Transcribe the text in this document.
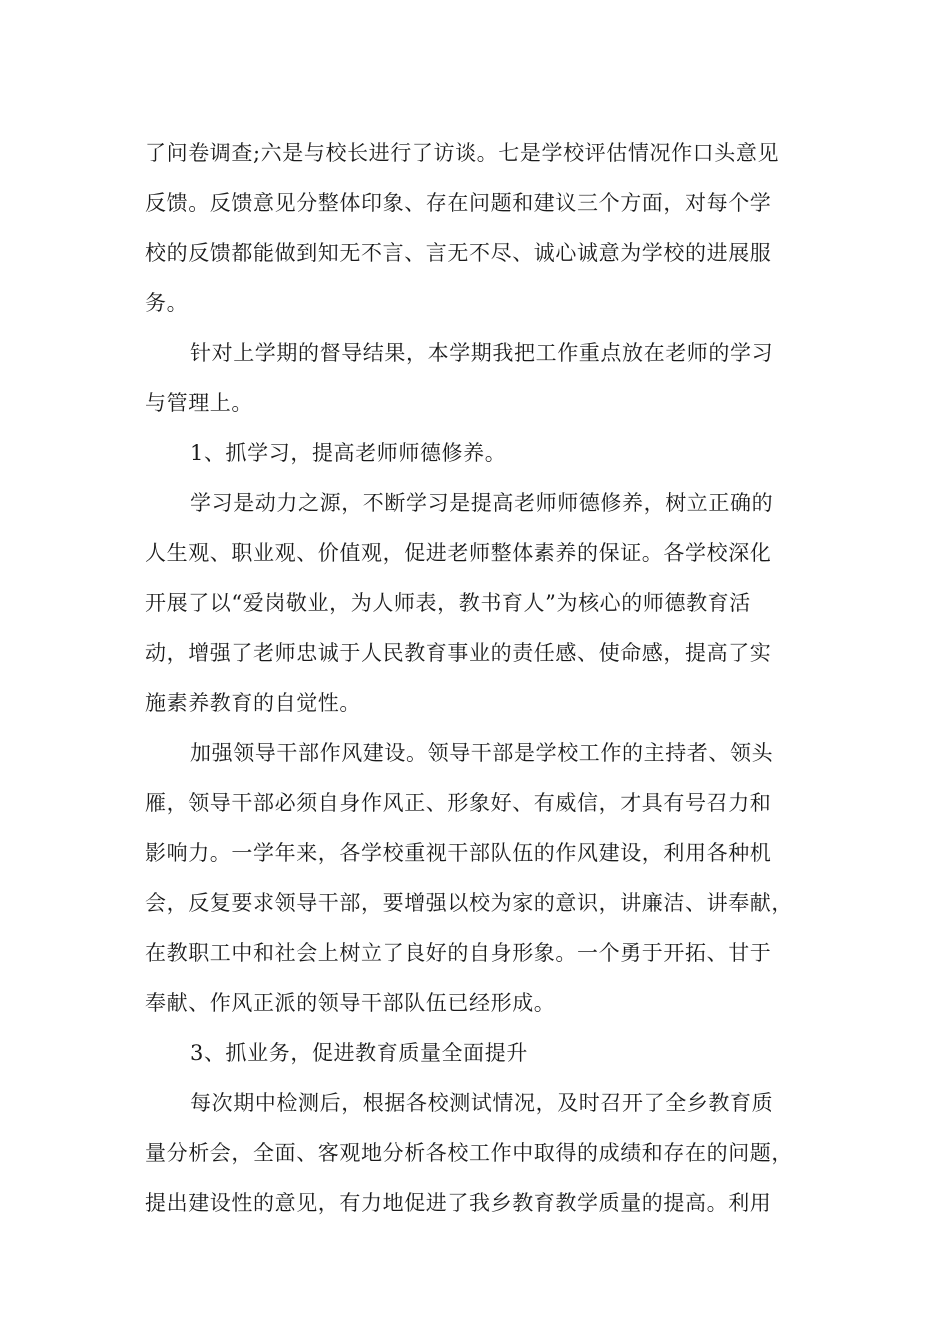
了问卷调查;六是与校长进行了访谈。七是学校评估情况作口头意见

反馈。反馈意见分整体印象、存在问题和建议三个方面，对每个学

校的反馈都能做到知无不言、言无不尽、诚心诚意为学校的进展服

务。

针对上学期的督导结果，本学期我把工作重点放在老师的学习

与管理上。

1、抓学习，提高老师师德修养。

学习是动力之源，不断学习是提高老师师德修养，树立正确的

人生观、职业观、价值观，促进老师整体素养的保证。各学校深化

开展了以“爱岗敬业，为人师表，教书育人”为核心的师德教育活

动，增强了老师忠诚于人民教育事业的责任感、使命感，提高了实

施素养教育的自觉性。

加强领导干部作风建设。领导干部是学校工作的主持者、领头

雁，领导干部必须自身作风正、形象好、有威信，才具有号召力和

影响力。一学年来，各学校重视干部队伍的作风建设，利用各种机

会，反复要求领导干部，要增强以校为家的意识，讲廉洁、讲奉献，

在教职工中和社会上树立了良好的自身形象。一个勇于开拓、甘于

奉献、作风正派的领导干部队伍已经形成。

3、抓业务，促进教育质量全面提升

每次期中检测后，根据各校测试情况，及时召开了全乡教育质

量分析会，全面、客观地分析各校工作中取得的成绩和存在的问题，

提出建设性的意见，有力地促进了我乡教育教学质量的提高。利用
